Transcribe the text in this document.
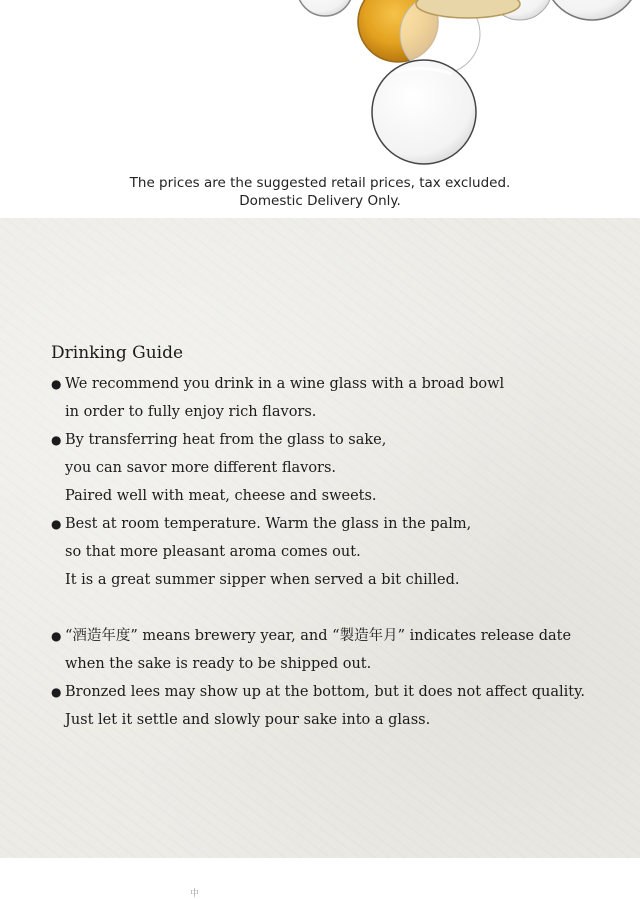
The prices are the suggested retail prices, tax excluded.
Domestic Delivery Only.
Drinking Guide
● We recommend you drink in a wine glass with a broad bowl
in order to fully enjoy rich flavors.
● By transferring heat from the glass to sake,
you can savor more different flavors.
Paired well with meat, cheese and sweets.
● Best at room temperature. Warm the glass in the palm,
so that more pleasant aroma comes out.
It is a great summer sipper when served a bit chilled.
● “酒造年度” means brewery year, and “製造年月” indicates release date
when the sake is ready to be shipped out.
● Bronzed lees may show up at the bottom, but it does not affect quality.
Just let it settle and slowly pour sake into a glass.
中
